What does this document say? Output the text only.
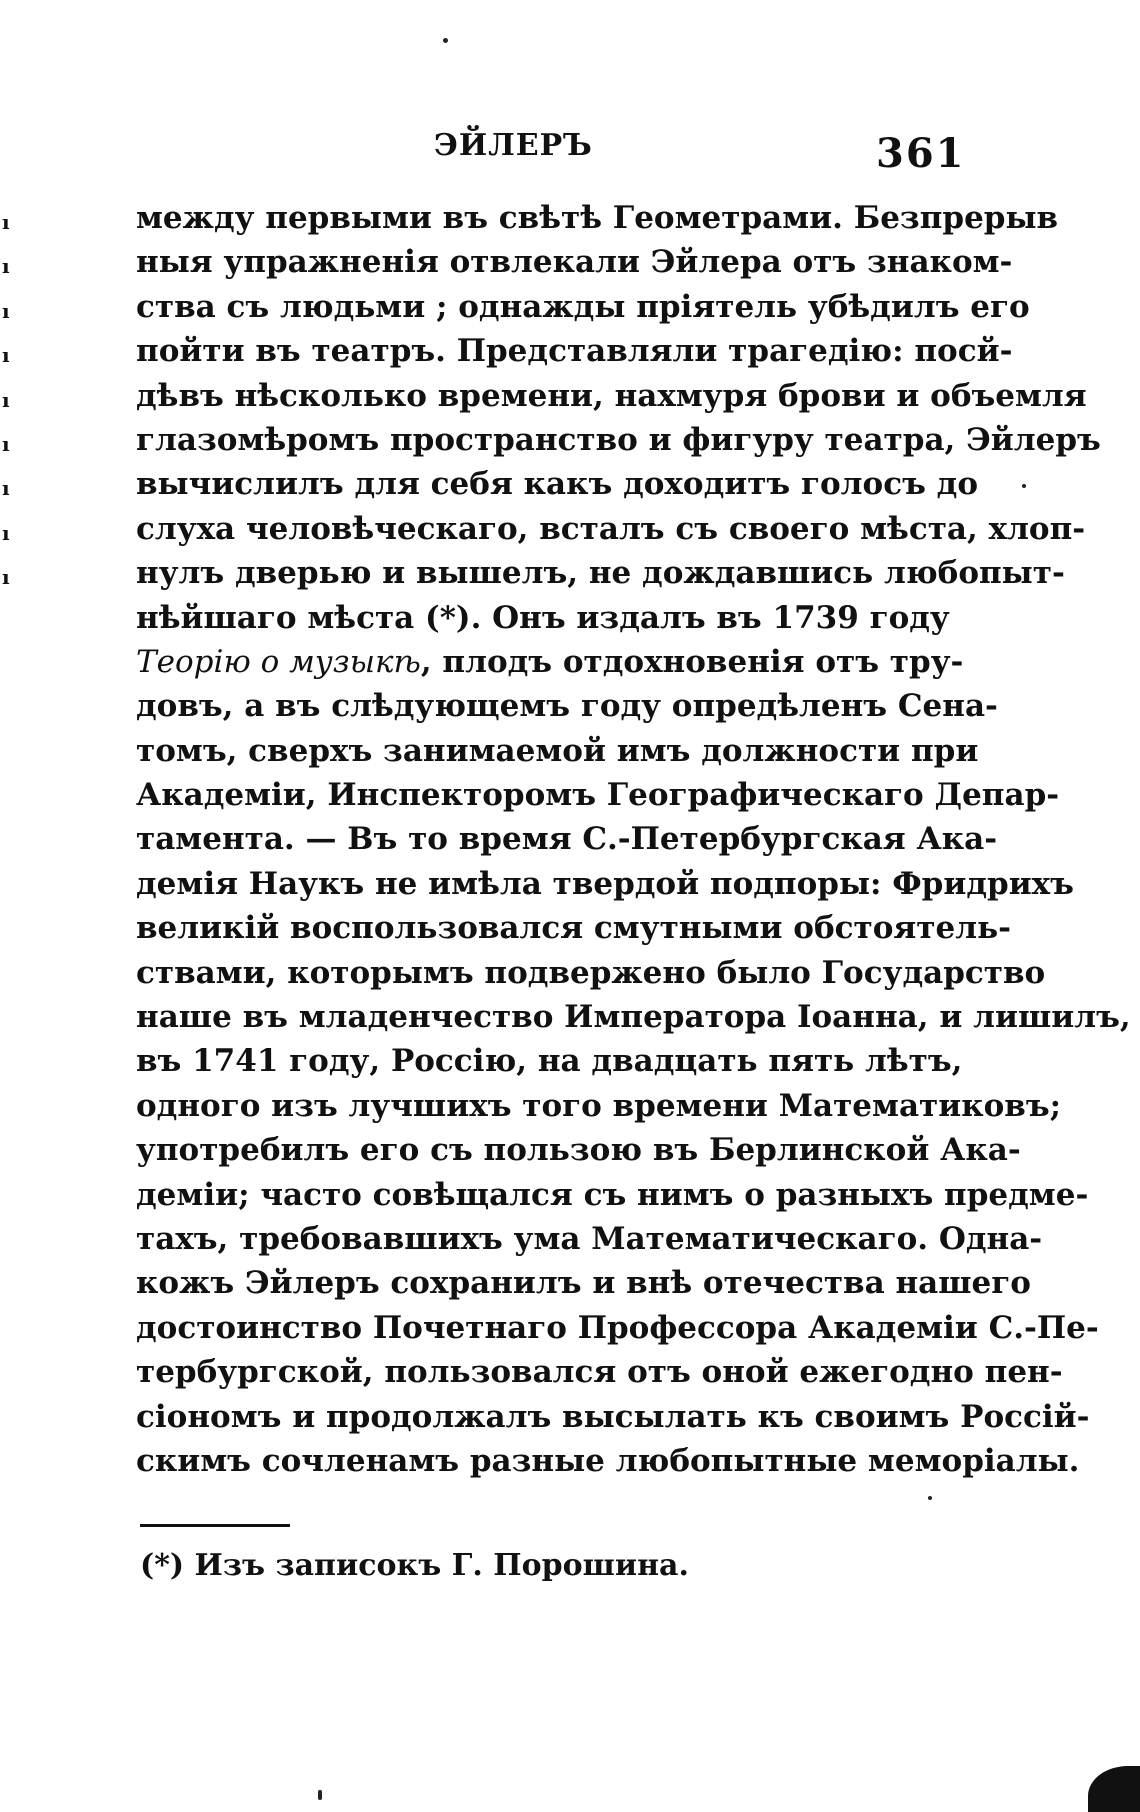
ЭЙЛЕРЪ	361
ı
ı
ı
ı
ı
ı
ı
ı
ı
между первыми въ свѣтѣ Геометрами. Безпрерыв
ныя упражненія отвлекали Эйлера отъ знаком-
ства съ людьми ; однажды пріятель убѣдилъ его
пойти въ театръ. Представляли трагедію: посй-
дѣвъ нѣсколько времени, нахмуря брови и объемля
глазомѣромъ пространство и фигуру театра, Эйлеръ
вычислилъ для себя какъ доходитъ голосъ до
слуха человѣческаго, всталъ съ своего мѣста, хлоп-
нулъ дверью и вышелъ, не дождавшись любопыт-
нѣйшаго мѣста (*). Онъ издалъ въ 1739 году
Теорію о музыкѣ, плодъ отдохновенія отъ тру-
довъ, а въ слѣдующемъ году опредѣленъ Сена-
томъ, сверхъ занимаемой имъ должности при
Академіи, Инспекторомъ Географическаго Депар-
тамента. — Въ то время С.-Петербургская Ака-
демія Наукъ не имѣла твердой подпоры: Фридрихъ
великій воспользовался смутными обстоятель-
ствами, которымъ подвержено было Государство
наше въ младенчество Императора Іоанна, и лишилъ,
въ 1741 году, Россію, на двадцать пять лѣтъ,
одного изъ лучшихъ того времени Математиковъ;
употребилъ его съ пользою въ Берлинской Ака-
деміи; часто совѣщался съ нимъ о разныхъ предме-
тахъ, требовавшихъ ума Математическаго. Одна-
кожъ Эйлеръ сохранилъ и внѣ отечества нашего
достоинство Почетнаго Профессора Академіи С.-Пе-
тербургской, пользовался отъ оной ежегодно пен-
сіономъ и продолжалъ высылать къ своимъ Россій-
скимъ сочленамъ разные любопытные меморіалы.
(*) Изъ записокъ Г. Порошина.
